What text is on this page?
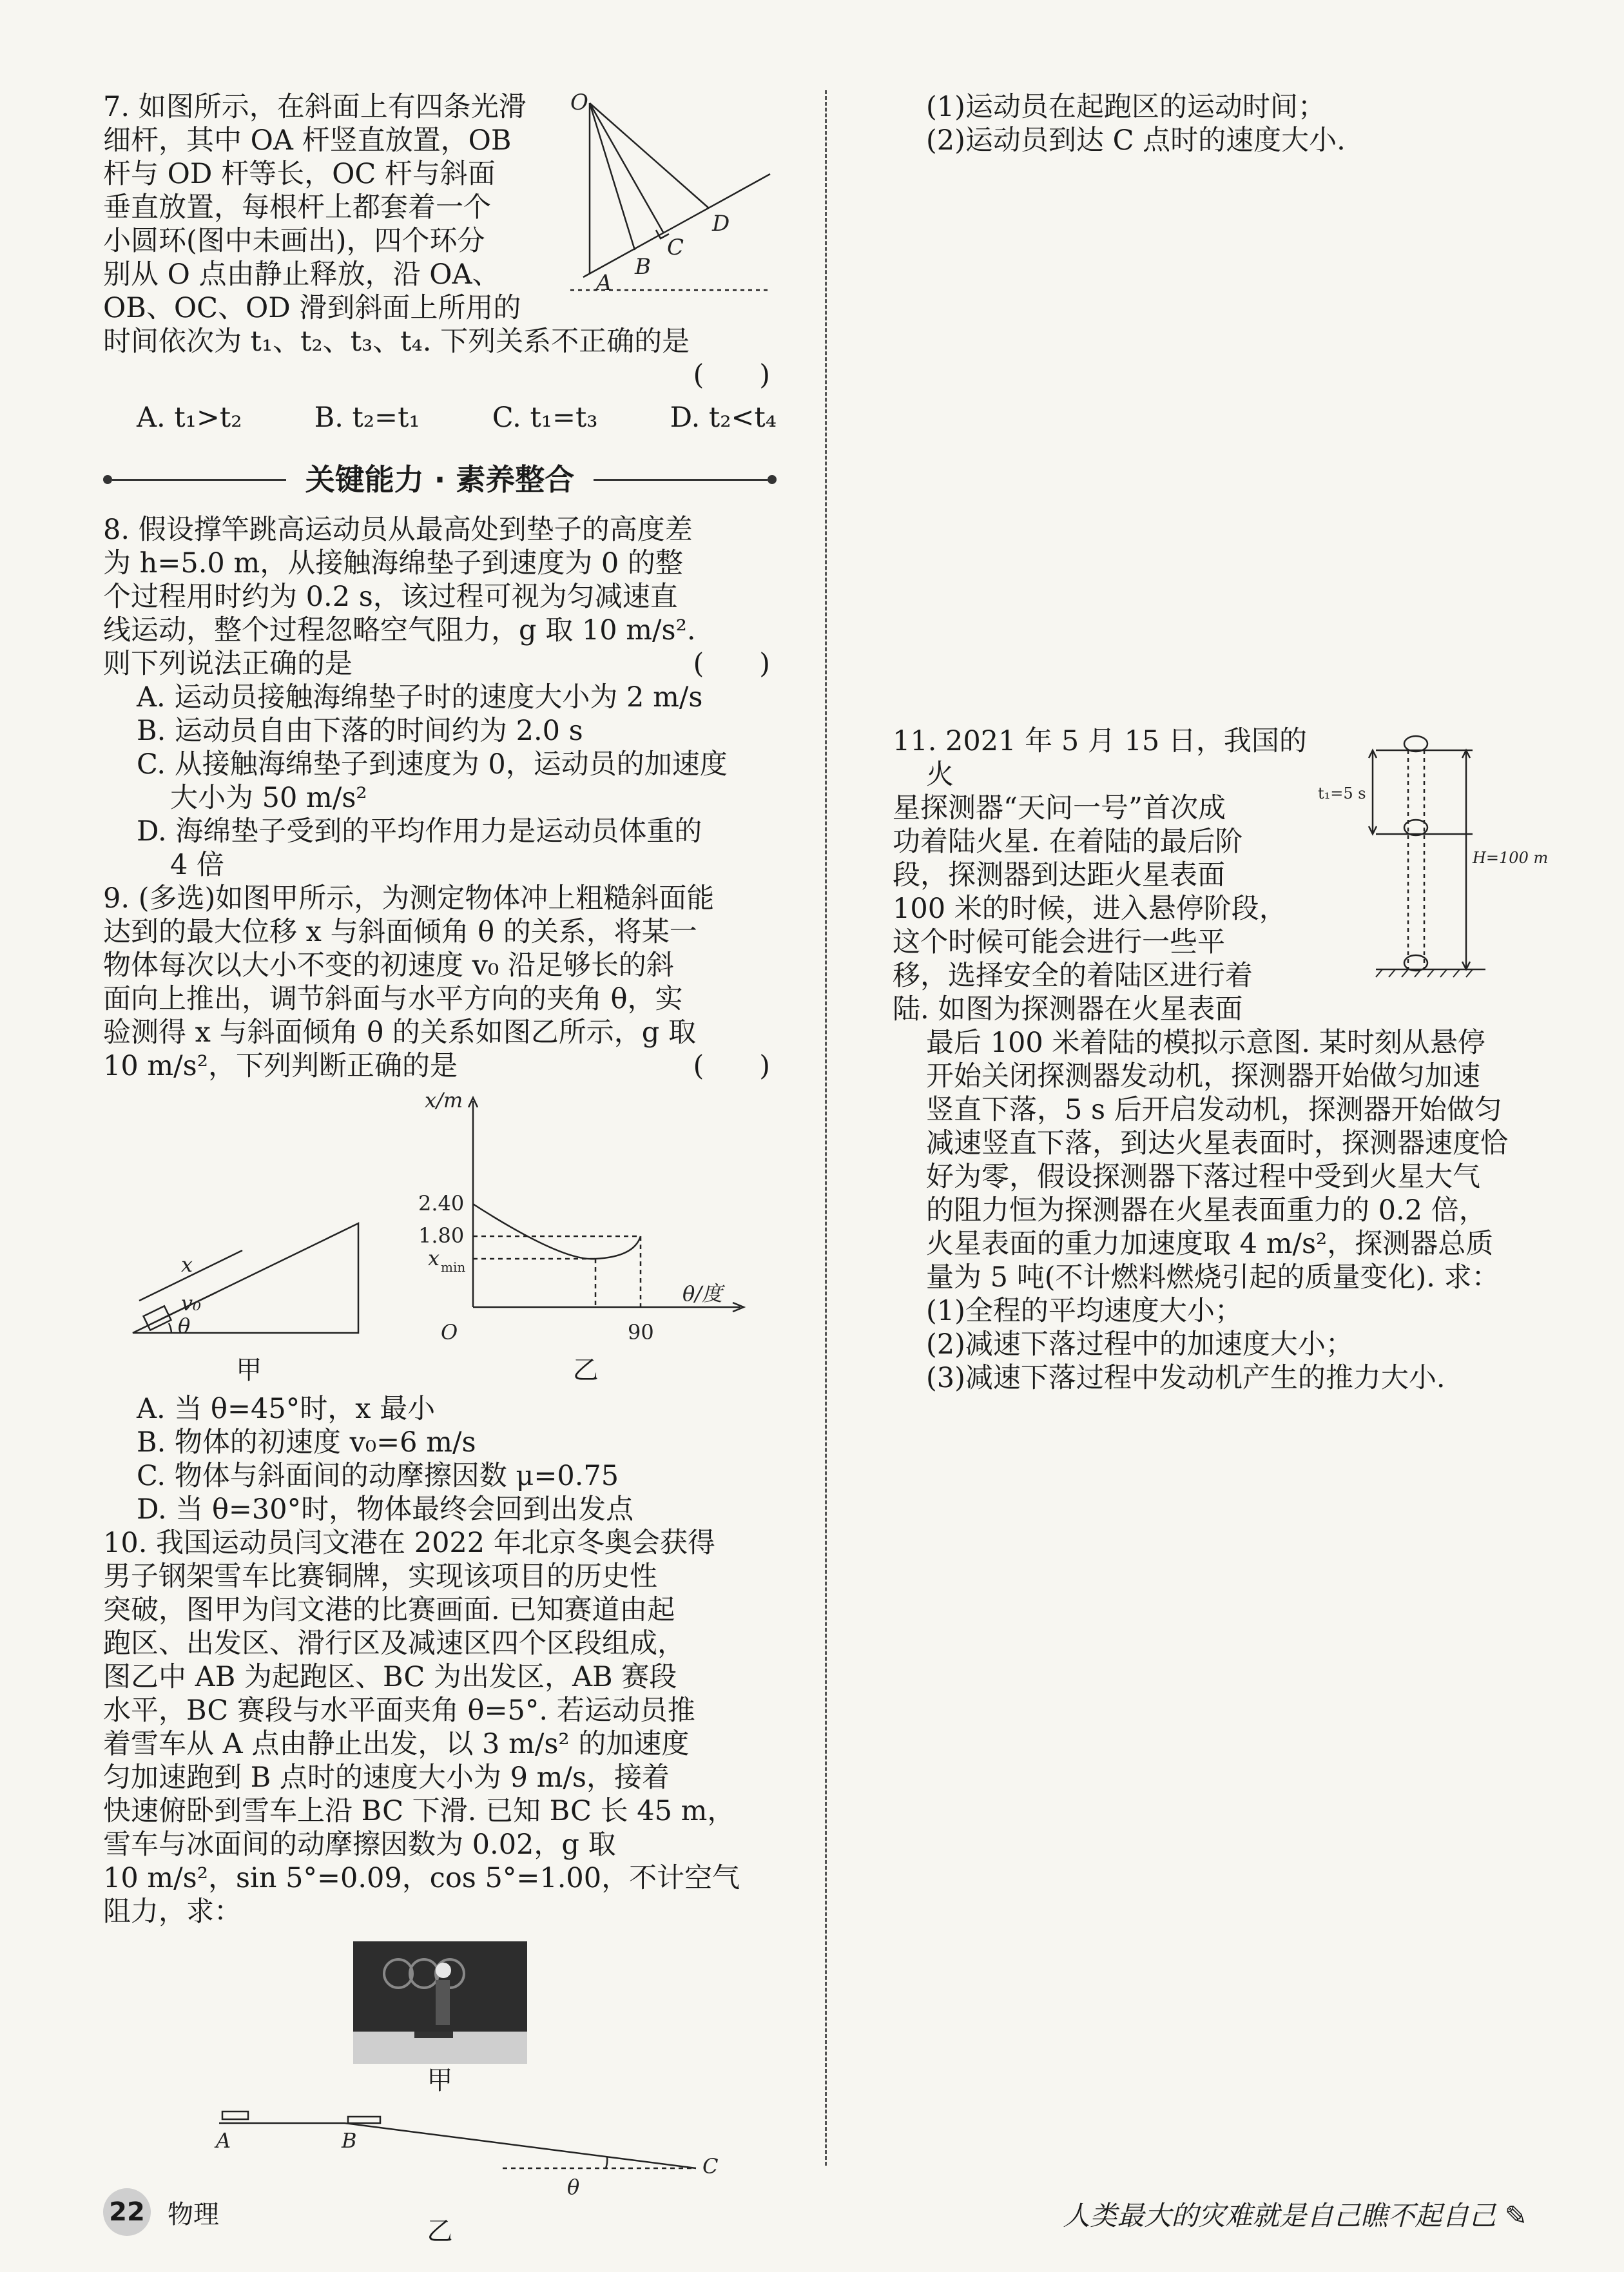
O
A
B
C
D

7. 如图所示，在斜面上有四条光滑

细杆，其中 OA 杆竖直放置，OB

杆与 OD 杆等长，OC 杆与斜面

垂直放置，每根杆上都套着一个

小圆环(图中未画出)，四个环分

别从 O 点由静止释放，沿 OA、

OB、OC、OD 滑到斜面上所用的

时间依次为 t₁、t₂、t₃、t₄. 下列关系不正确的是

(　　)

A. t₁>t₂	B. t₂=t₁	C. t₁=t₃	D. t₂<t₄
关键能力 · 素养整合

8. 假设撑竿跳高运动员从最高处到垫子的高度差

为 h=5.0 m，从接触海绵垫子到速度为 0 的整

个过程用时约为 0.2 s，该过程可视为匀减速直

线运动，整个过程忽略空气阻力，g 取 10 m/s².

则下列说法正确的是	(　　)

A. 运动员接触海绵垫子时的速度大小为 2 m/s

B. 运动员自由下落的时间约为 2.0 s

C. 从接触海绵垫子到速度为 0，运动员的加速度

大小为 50 m/s²

D. 海绵垫子受到的平均作用力是运动员体重的

4 倍

9. (多选)如图甲所示，为测定物体冲上粗糙斜面能

达到的最大位移 x 与斜面倾角 θ 的关系，将某一

物体每次以大小不变的初速度 v₀ 沿足够长的斜

面向上推出，调节斜面与水平方向的夹角 θ，实

验测得 x 与斜面倾角 θ 的关系如图乙所示，g 取

10 m/s²，下列判断正确的是	(　　)

x
v₀
θ
甲
x/m
θ/度
2.40
1.80
x min
O	90
乙

A. 当 θ=45°时，x 最小

B. 物体的初速度 v₀=6 m/s

C. 物体与斜面间的动摩擦因数 μ=0.75

D. 当 θ=30°时，物体最终会回到出发点

10. 我国运动员闫文港在 2022 年北京冬奥会获得

男子钢架雪车比赛铜牌，实现该项目的历史性

突破，图甲为闫文港的比赛画面. 已知赛道由起

跑区、出发区、滑行区及减速区四个区段组成，

图乙中 AB 为起跑区、BC 为出发区，AB 赛段

水平，BC 赛段与水平面夹角 θ=5°. 若运动员推

着雪车从 A 点由静止出发，以 3 m/s² 的加速度

匀加速跑到 B 点时的速度大小为 9 m/s，接着

快速俯卧到雪车上沿 BC 下滑. 已知 BC 长 45 m，

雪车与冰面间的动摩擦因数为 0.02，g 取

10 m/s²，sin 5°=0.09，cos 5°=1.00，不计空气

阻力，求：

甲
A	B
C
θ
乙

(1)运动员在起跑区的运动时间；

(2)运动员到达 C 点时的速度大小.

t₁=5 s
H=100 m

11. 2021 年 5 月 15 日，我国的火

星探测器“天问一号”首次成

功着陆火星. 在着陆的最后阶

段，探测器到达距火星表面

100 米的时候，进入悬停阶段，

这个时候可能会进行一些平

移，选择安全的着陆区进行着

陆. 如图为探测器在火星表面

最后 100 米着陆的模拟示意图. 某时刻从悬停

开始关闭探测器发动机，探测器开始做匀加速

竖直下落，5 s 后开启发动机，探测器开始做匀

减速竖直下落，到达火星表面时，探测器速度恰

好为零，假设探测器下落过程中受到火星大气

的阻力恒为探测器在火星表面重力的 0.2 倍，

火星表面的重力加速度取 4 m/s²，探测器总质

量为 5 吨(不计燃料燃烧引起的质量变化). 求：

(1)全程的平均速度大小；

(2)减速下落过程中的加速度大小；

(3)减速下落过程中发动机产生的推力大小.

22 物理	人类最大的灾难就是自己瞧不起自己 ✎
